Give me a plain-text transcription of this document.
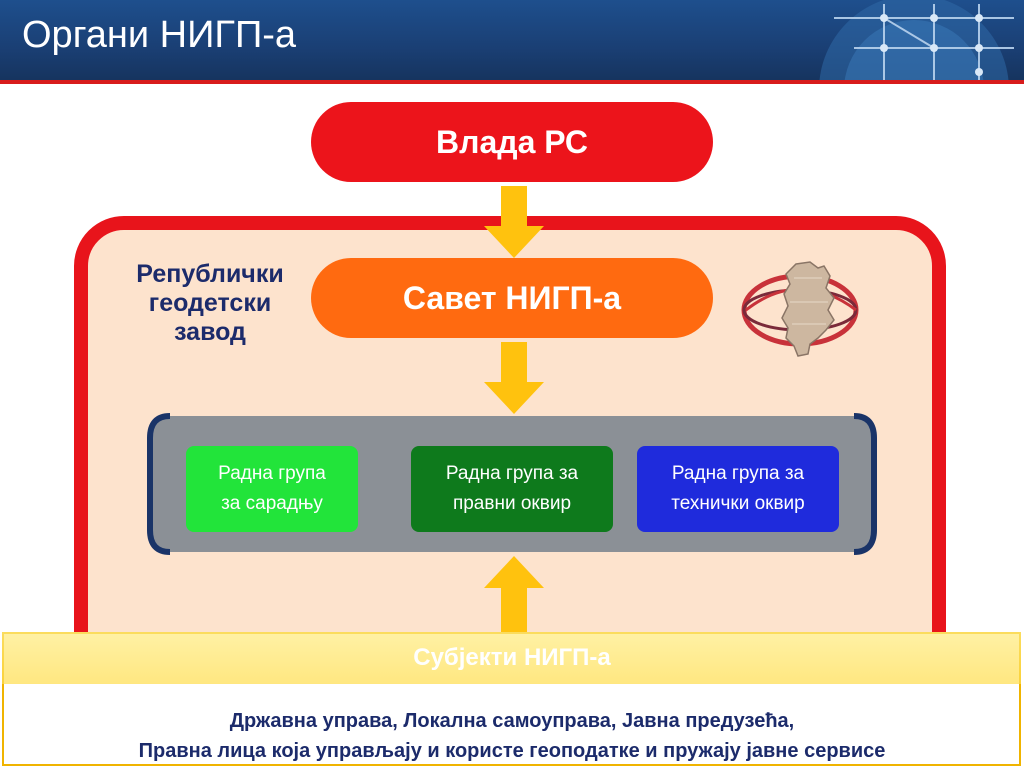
Органи НИГП-а
Влада РС
Савет НИГП-а
Републички
геодетски
завод
Радна група
за сарадњу
Радна група за
правни оквир
Радна група за
технички оквир
Субјекти НИГП-а
Државна управа, Локална самоуправа, Јавна предузећа,
Правна лица која управљају и користе геоподатке и пружају јавне сервисе
